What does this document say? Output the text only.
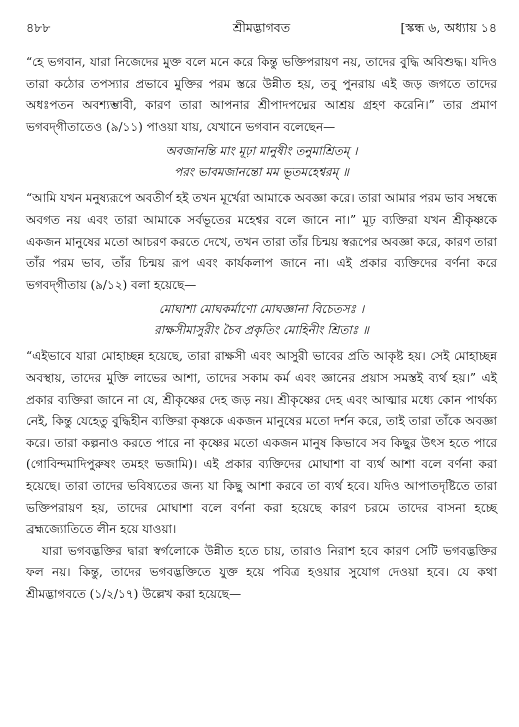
৪৮৮	শ্রীমদ্ভাগবত	[স্কন্ধ ৬, অধ্যায় ১৪

“হে ভগবান, যারা নিজেদের মুক্ত বলে মনে করে কিন্তু ভক্তিপরায়ণ নয়, তাদের বুদ্ধি অবিশুদ্ধ। যদিও তারা কঠোর তপস্যার প্রভাবে মুক্তির পরম স্তরে উন্নীত হয়, তবু পুনরায় এই জড় জগতে তাদের অধঃপতন অবশ্যম্ভাবী, কারণ তারা আপনার শ্রীপাদপদ্মের আশ্রয় গ্রহণ করেনি।” তার প্রমাণ ভগবদ্‌গীতাতেও (৯/১১) পাওয়া যায়, যেখানে ভগবান বলেছেন—

অবজানন্তি মাং মূঢ়া মানুষীং তনুমাশ্রিতম্ ।
পরং ভাবমজানন্তো মম ভূতমহেশ্বরম্ ॥

“আমি যখন মনুষ্যরূপে অবতীর্ণ হই তখন মূর্খেরা আমাকে অবজ্ঞা করে। তারা আমার পরম ভাব সম্বন্ধে অবগত নয় এবং তারা আমাকে সর্বভূতের মহেশ্বর বলে জানে না।” মূঢ় ব্যক্তিরা যখন শ্রীকৃষ্ণকে একজন মানুষের মতো আচরণ করতে দেখে, তখন তারা তাঁর চিন্ময় স্বরূপের অবজ্ঞা করে, কারণ তারা তাঁর পরম ভাব, তাঁর চিন্ময় রূপ এবং কার্যকলাপ জানে না। এই প্রকার ব্যক্তিদের বর্ণনা করে ভগবদ্‌গীতায় (৯/১২) বলা হয়েছে—

মোঘাশা মোঘকর্মাণো মোঘজ্ঞানা বিচেতসঃ ।
রাক্ষসীমাসুরীং চৈব প্রকৃতিং মোহিনীং শ্রিতাঃ ॥

“এইভাবে যারা মোহাচ্ছন্ন হয়েছে, তারা রাক্ষসী এবং আসুরী ভাবের প্রতি আকৃষ্ট হয়। সেই মোহাচ্ছন্ন অবস্থায়, তাদের মুক্তি লাভের আশা, তাদের সকাম কর্ম এবং জ্ঞানের প্রয়াস সমস্তই ব্যর্থ হয়।” এই প্রকার ব্যক্তিরা জানে না যে, শ্রীকৃষ্ণের দেহ জড় নয়। শ্রীকৃষ্ণের দেহ এবং আত্মার মধ্যে কোন পার্থক্য নেই, কিন্তু যেহেতু বুদ্ধিহীন ব্যক্তিরা কৃষ্ণকে একজন মানুষের মতো দর্শন করে, তাই তারা তাঁকে অবজ্ঞা করে। তারা কল্পনাও করতে পারে না কৃষ্ণের মতো একজন মানুষ কিভাবে সব কিছুর উৎস হতে পারে (গোবিন্দমাদিপুরুষং তমহং ভজামি)। এই প্রকার ব্যক্তিদের মোঘাশা বা ব্যর্থ আশা বলে বর্ণনা করা হয়েছে। তারা তাদের ভবিষ্যতের জন্য যা কিছু আশা করবে তা ব্যর্থ হবে। যদিও আপাতদৃষ্টিতে তারা ভক্তিপরায়ণ হয়, তাদের মোঘাশা বলে বর্ণনা করা হয়েছে কারণ চরমে তাদের বাসনা হচ্ছে ব্রহ্মজ্যোতিতে লীন হয়ে যাওয়া।

যারা ভগবদ্ভক্তির দ্বারা স্বর্গলোকে উন্নীত হতে চায়, তারাও নিরাশ হবে কারণ সেটি ভগবদ্ভক্তির ফল নয়। কিন্তু, তাদের ভগবদ্ভক্তিতে যুক্ত হয়ে পবিত্র হওয়ার সুযোগ দেওয়া হবে। যে কথা শ্রীমদ্ভাগবতে (১/২/১৭) উল্লেখ করা হয়েছে—
